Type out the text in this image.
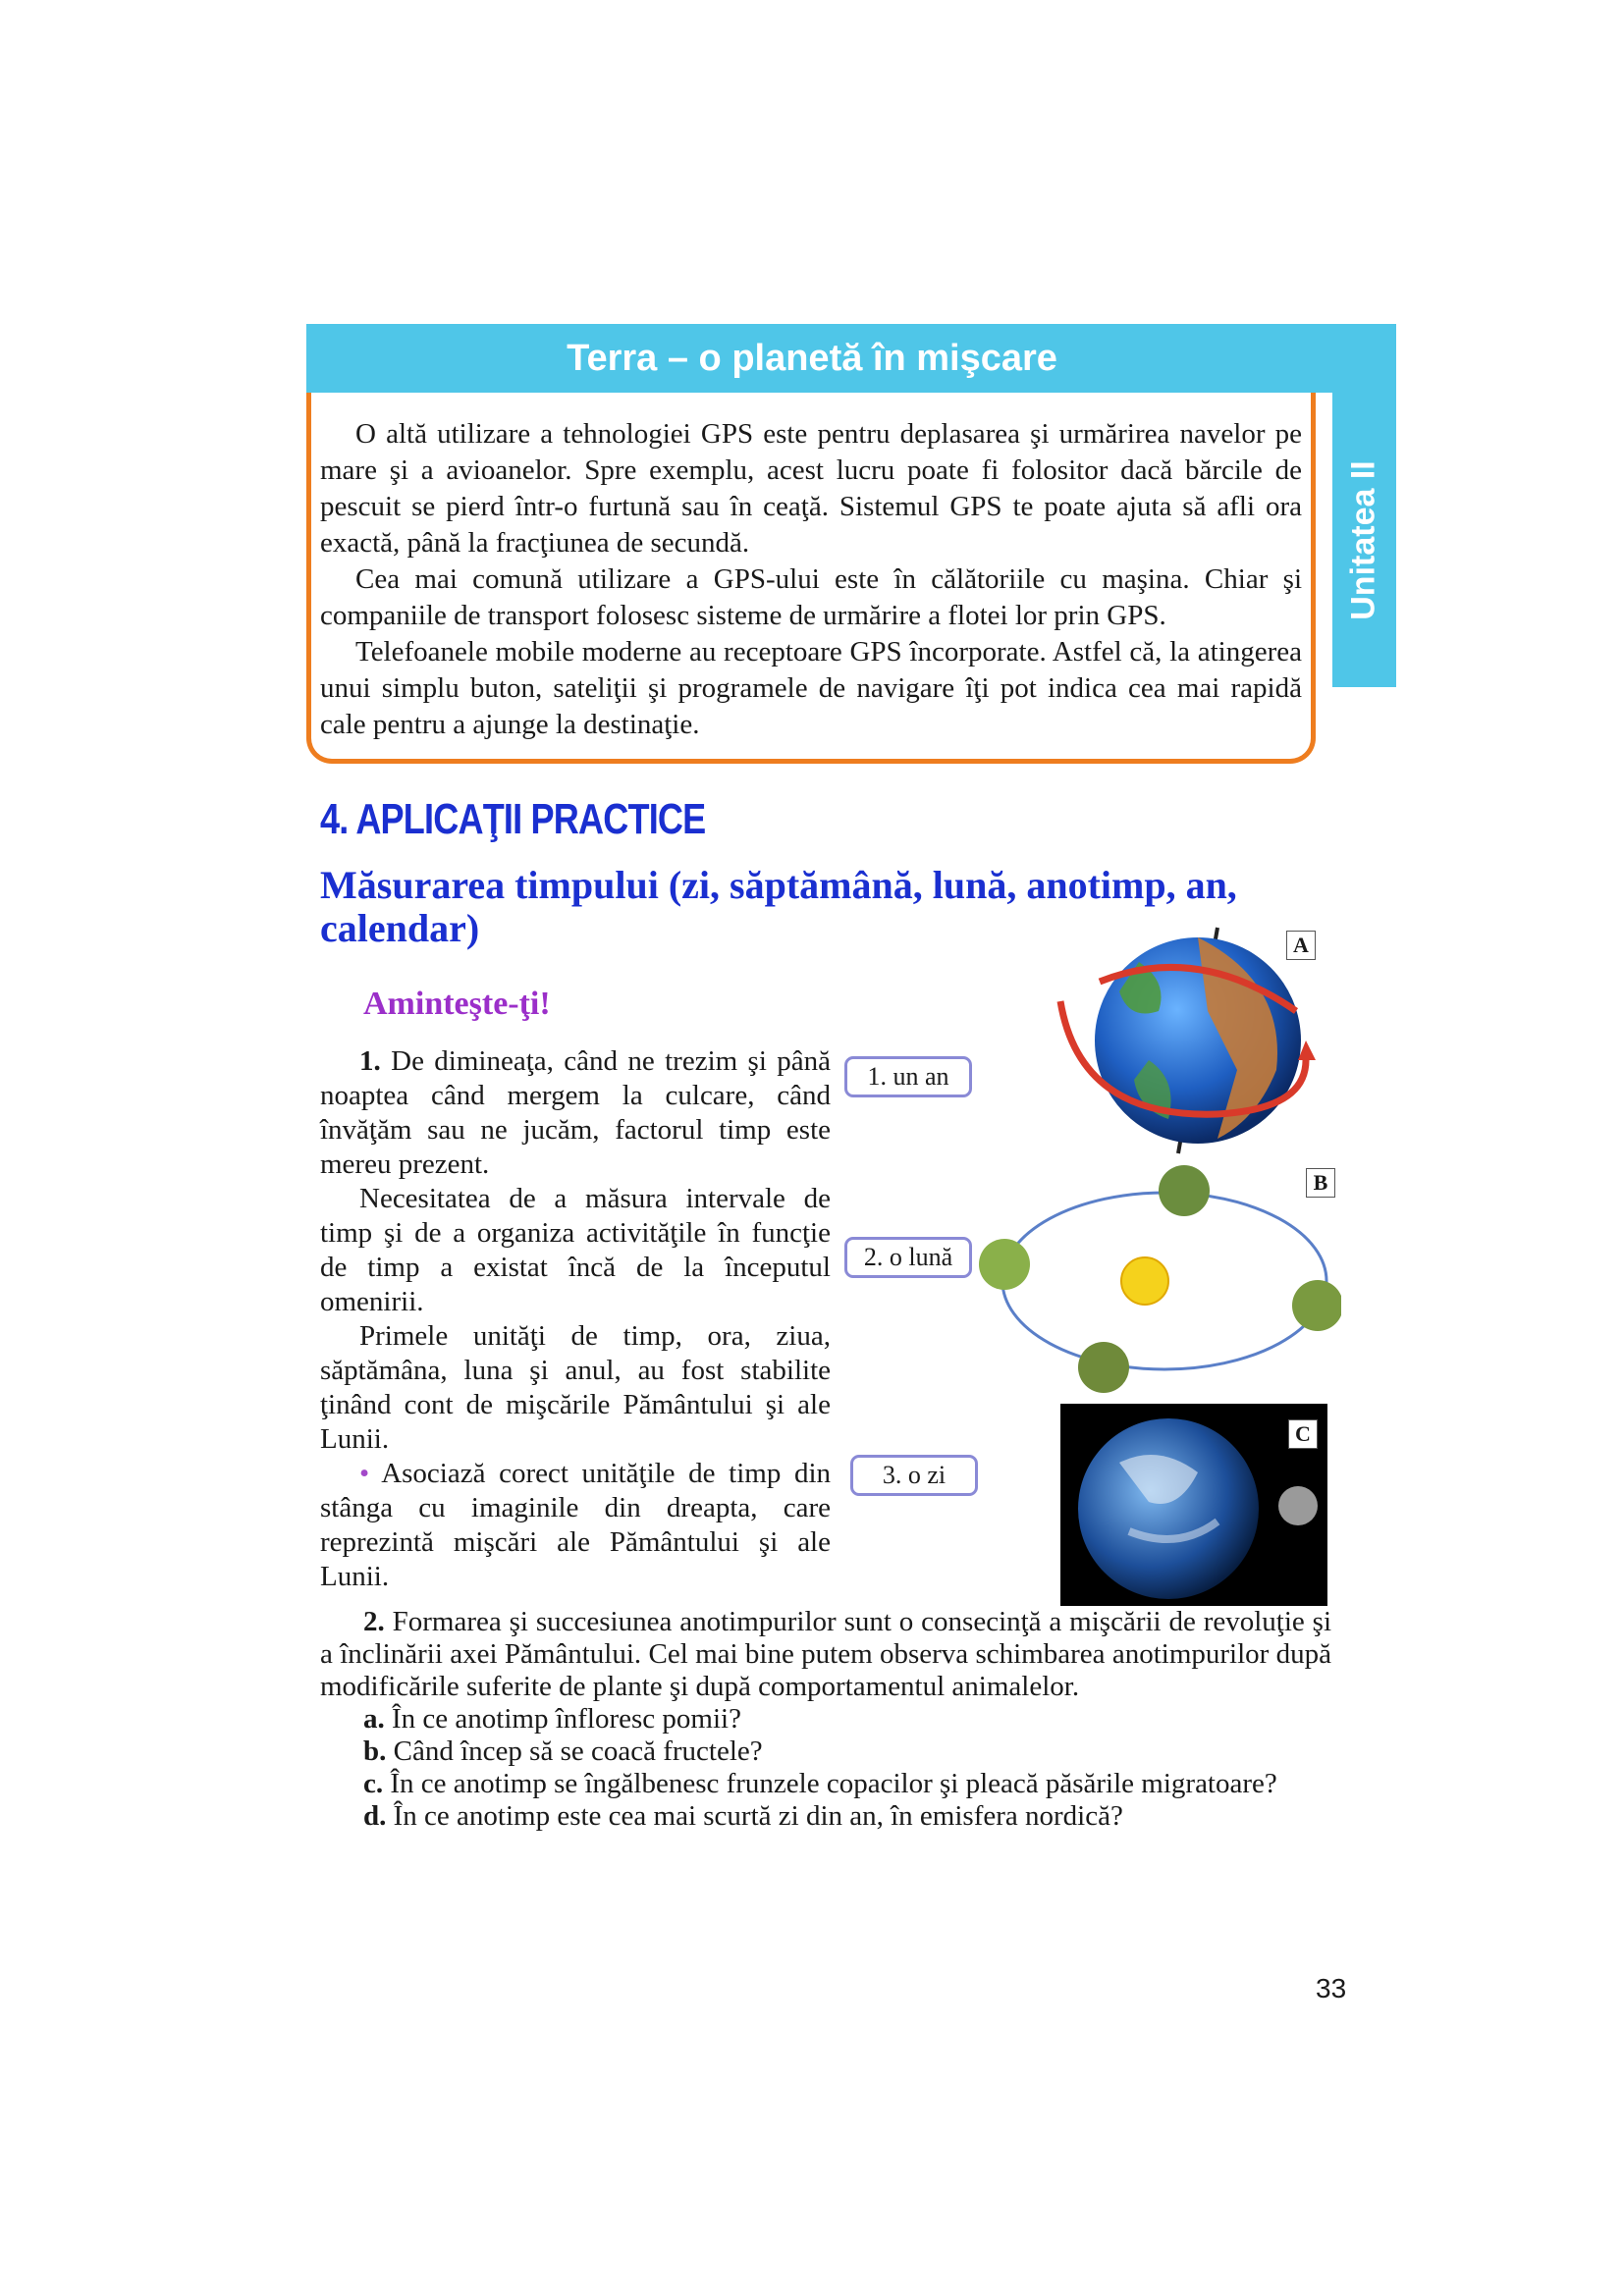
Terra – o planetă în mişcare
Unitatea II

O altă utilizare a tehnologiei GPS este pentru deplasarea şi urmărirea navelor pe mare şi a avioanelor. Spre exemplu, acest lucru poate fi folositor dacă bărcile de pescuit se pierd într-o furtună sau în ceaţă. Sistemul GPS te poate ajuta să afli ora exactă, până la fracţiunea de secundă.

Cea mai comună utilizare a GPS-ului este în călătoriile cu maşina. Chiar şi companiile de transport folosesc sisteme de urmărire a flotei lor prin GPS.

Telefoanele mobile moderne au receptoare GPS încorporate. Astfel că, la atingerea unui simplu buton, sateliţii şi programele de navigare îţi pot indica cea mai rapidă cale pentru a ajunge la destinaţie.

4. APLICAŢII PRACTICE
Măsurarea timpului (zi, săptămână, lună, anotimp, an, calendar)
Aminteşte-ţi!

1. De dimineaţa, când ne trezim şi până noaptea când mergem la culcare, când învăţăm sau ne jucăm, factorul timp este mereu prezent.

Necesitatea de a măsura intervale de timp şi de a organiza activităţile în funcţie de timp a existat încă de la începutul omenirii.

Primele unităţi de timp, ora, ziua, săptămâna, luna şi anul, au fost stabilite ţinând cont de mişcările Pământului şi ale Lunii.

• Asociază corect unităţile de timp din stânga cu imaginile din dreapta, care reprezintă mişcări ale Pământului şi ale Lunii.

1. un an
2. o lună
3. o zi
A
B
C

2. Formarea şi succesiunea anotimpurilor sunt o consecinţă a mişcării de revoluţie şi a înclinării axei Pământului. Cel mai bine putem observa schimbarea anotimpurilor după modificările suferite de plante şi după comportamentul animalelor.

a. În ce anotimp înfloresc pomii?

b. Când încep să se coacă fructele?

c. În ce anotimp se îngălbenesc frunzele copacilor şi pleacă păsările migratoare?

d. În ce anotimp este cea mai scurtă zi din an, în emisfera nordică?

33
